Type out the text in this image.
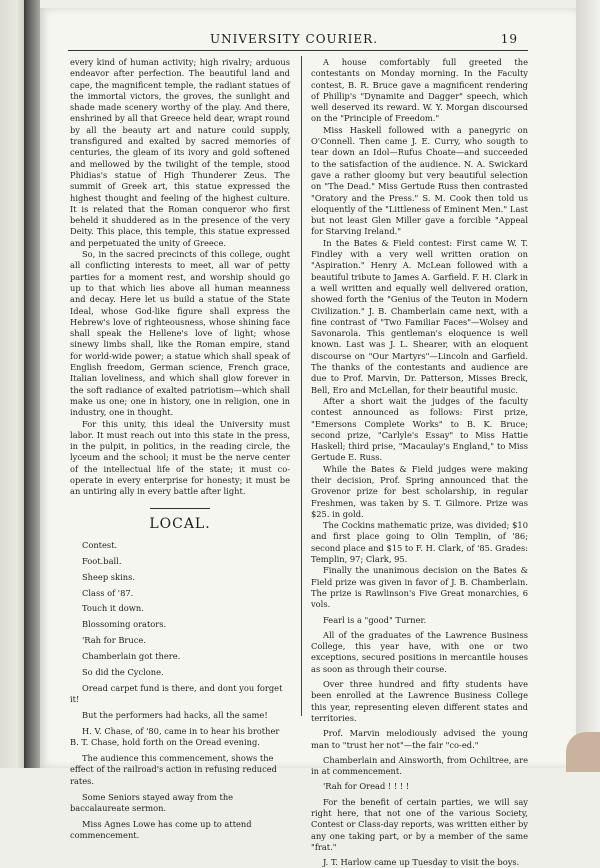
UNIVERSITY COURIER.	19

every kind of human activity; high rivalry; arduous endeavor after perfection. The beautiful land and cape, the magnificent temple, the radiant statues of the immortal victors, the groves, the sunlight and shade made scenery worthy of the play. And there, enshrined by all that Greece held dear, wrapt round by all the beauty art and nature could supply, transfigured and exalted by sacred memories of centuries, the gleam of its ivory and gold softened and mellowed by the twilight of the temple, stood Phidias's statue of High Thunderer Zeus. The summit of Greek art, this statue expressed the highest thought and feeling of the highest culture. It is related that the Roman conqueror who first beheld it shuddered as in the presence of the very Deity. This place, this temple, this statue expressed and perpetuated the unity of Greece.

So, in the sacred precincts of this college, ought all conflicting interests to meet, all war of petty parties for a moment rest, and worship should go up to that which lies above all human meanness and decay. Here let us build a statue of the State Ideal, whose God-like figure shall express the Hebrew's love of righteousness, whose shining face shall speak the Hellene's love of light; whose sinewy limbs shall, like the Roman empire, stand for world-wide power; a statue which shall speak of English freedom, German science, French grace, Italian loveliness, and which shall glow forever in the soft radiance of exalted patriotism—which shall make us one; one in history, one in religion, one in industry, one in thought.

For this unity, this ideal the University must labor. It must reach out into this state in the press, in the pulpit, in politics, in the reading circle, the lyceum and the school; it must be the nerve center of the intellectual life of the state; it must co-operate in every enterprise for honesty; it must be an untiring ally in every battle after light.

LOCAL.

Contest.

Foot.ball.

Sheep skins.

Class of '87.

Touch it down.

Blossoming orators.

'Rah for Bruce.

Chamberlain got there.

So did the Cyclone.

Oread carpet fund is there, and dont you forget it!

But the performers had hacks, all the same!

H. V. Chase, of '80, came in to hear his brother B. T. Chase, hold forth on the Oread evening.

The audience this commencement, shows the effect of the railroad's action in refusing reduced rates.

Some Seniors stayed away from the baccalaureate sermon.

Miss Agnes Lowe has come up to attend commencement.

A house comfortably full greeted the contestants on Monday morning. In the Faculty contest, B. R. Bruce gave a magnificent rendering of Phillip's "Dynamite and Dagger" speech, which well deserved its reward. W. Y. Morgan discoursed on the "Principle of Freedom."

Miss Haskell followed with a panegyric on O'Connell. Then came J. E. Curry, who sougth to tear down an Idol—Rufus Choate—and succeeded to the satisfaction of the audience. N. A. Swickard gave a rather gloomy but very beautiful selection on "The Dead." Miss Gertude Russ then contrasted "Oratory and the Press." S. M. Cook then told us eloquently of the "Littleness of Eminent Men." Last but not least Glen Miller gave a forcible "Appeal for Starving Ireland."

In the Bates & Field contest: First came W. T. Findley with a very well written oration on "Aspiration." Henry A. McLean followed with a beautiful tribute to James A. Garfield. F. H. Clark in a well written and equally well delivered oration, showed forth the "Genius of the Teuton in Modern Civilization." J. B. Chamberlain came next, with a fine contrast of "Two Familiar Faces"—Wolsey and Savonarola. This gentleman's eloquence is well known. Last was J. L. Shearer, with an eloquent discourse on "Our Martyrs"—Lincoln and Garfield. The thanks of the contestants and audience are due to Prof. Marvin, Dr. Patterson, Misses Breck, Bell, Ero and McLellan, for their beautiful music.

After a short wait the judges of the faculty contest announced as follows: First prize, "Emersons Complete Works" to B. K. Bruce; second prize, "Carlyle's Essay" to Miss Hattie Haskell; third prise, "Macaulay's England," to Miss Gertude E. Russ.

While the Bates & Field judges were making their decision, Prof. Spring announced that the Grovenor prize for best scholarship, in regular Freshmen, was taken by S. T. Gilmore. Prize was $25. in gold.

The Cockins mathematic prize, was divided; $10 and first place going to Olin Templin, of '86; second place and $15 to F. H. Clark, of '85. Grades: Templin, 97; Clark, 95.

Finally the unanimous decision on the Bates & Field prize was given in favor of J. B. Chamberlain. The prize is Rawlinson's Five Great monarchies, 6 vols.

Fearl is a "good" Turner.

All of the graduates of the Lawrence Business College, this year have, with one or two exceptions, secured positions in mercantile houses as soon as through their course.

Over three hundred and fifty students have been enrolled at the Lawrence Business College this year, representing eleven different states and territories.

Prof. Marvin melodiously advised the young man to "trust her not"—the fair "co-ed."

Chamberlain and Ainsworth, from Ochiltree, are in at commencement.

'Rah for Oread ! ! ! !

For the benefit of certain parties, we will say right here, that not one of the various Society, Contest or Class-day reports, was written either by any one taking part, or by a member of the same "frat."

J. T. Harlow came up Tuesday to visit the boys.
